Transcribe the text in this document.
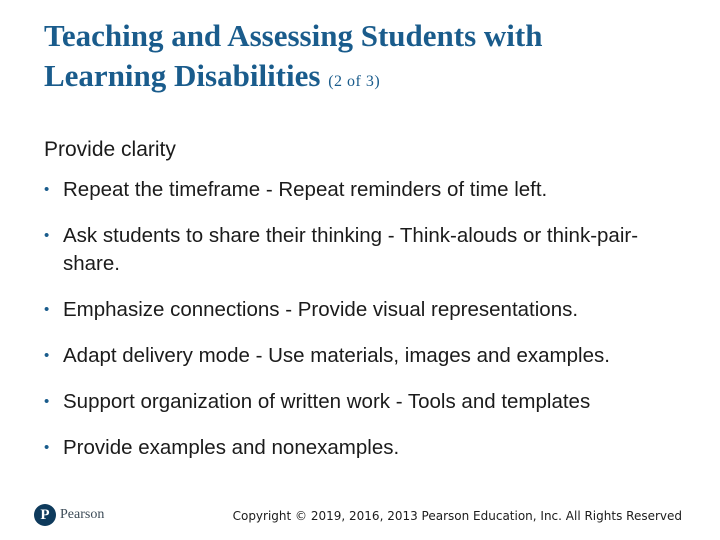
Teaching and Assessing Students with
Learning Disabilities (2 of 3)
Provide clarity
• Repeat the timeframe - Repeat reminders of time left.
• Ask students to share their thinking - Think-alouds or think-pair-share.
• Emphasize connections - Provide visual representations.
• Adapt delivery mode - Use materials, images and examples.
• Support organization of written work - Tools and templates
• Provide examples and nonexamples.
P Pearson	Copyright © 2019, 2016, 2013 Pearson Education, Inc. All Rights Reserved
